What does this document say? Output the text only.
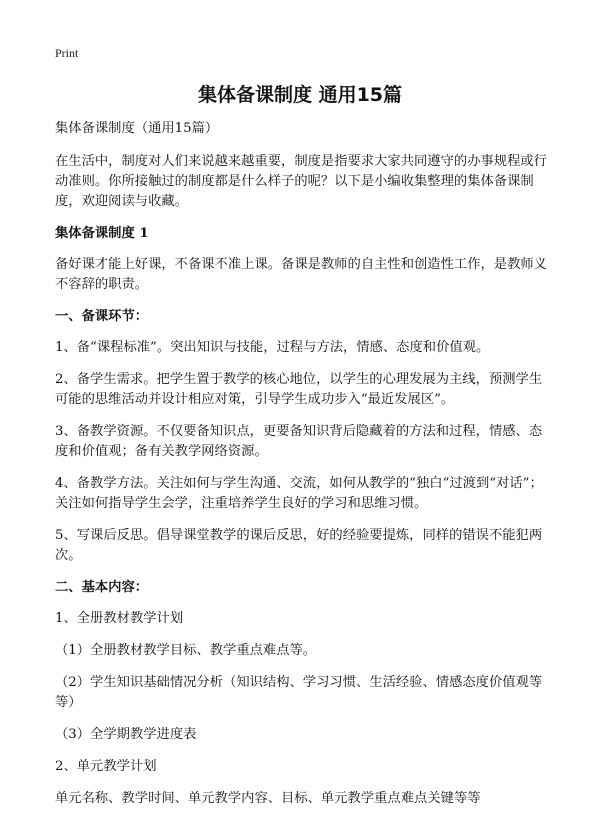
Print
集体备课制度 通用15篇

集体备课制度（通用15篇）

在生活中，制度对人们来说越来越重要，制度是指要求大家共同遵守的办事规程或行动准则。你所接触过的制度都是什么样子的呢？以下是小编收集整理的集体备课制度，欢迎阅读与收藏。

集体备课制度 1

备好课才能上好课，不备课不准上课。备课是教师的自主性和创造性工作，是教师义不容辞的职责。

一、备课环节：

1、备“课程标准”。突出知识与技能，过程与方法，情感、态度和价值观。

2、备学生需求。把学生置于教学的核心地位，以学生的心理发展为主线，预测学生可能的思维活动并设计相应对策，引导学生成功步入“最近发展区”。

3、备教学资源。不仅要备知识点，更要备知识背后隐藏着的方法和过程，情感、态度和价值观；备有关教学网络资源。

4、备教学方法。关注如何与学生沟通、交流，如何从教学的“独白”过渡到“对话”；关注如何指导学生会学，注重培养学生良好的学习和思维习惯。

5、写课后反思。倡导课堂教学的课后反思，好的经验要提炼，同样的错误不能犯两次。

二、基本内容：

1、全册教材教学计划

（1）全册教材教学目标、教学重点难点等。

（2）学生知识基础情况分析（知识结构、学习习惯、生活经验、情感态度价值观等等）

（3）全学期教学进度表

2、单元教学计划

单元名称、教学时间、单元教学内容、目标、单元教学重点难点关键等等
